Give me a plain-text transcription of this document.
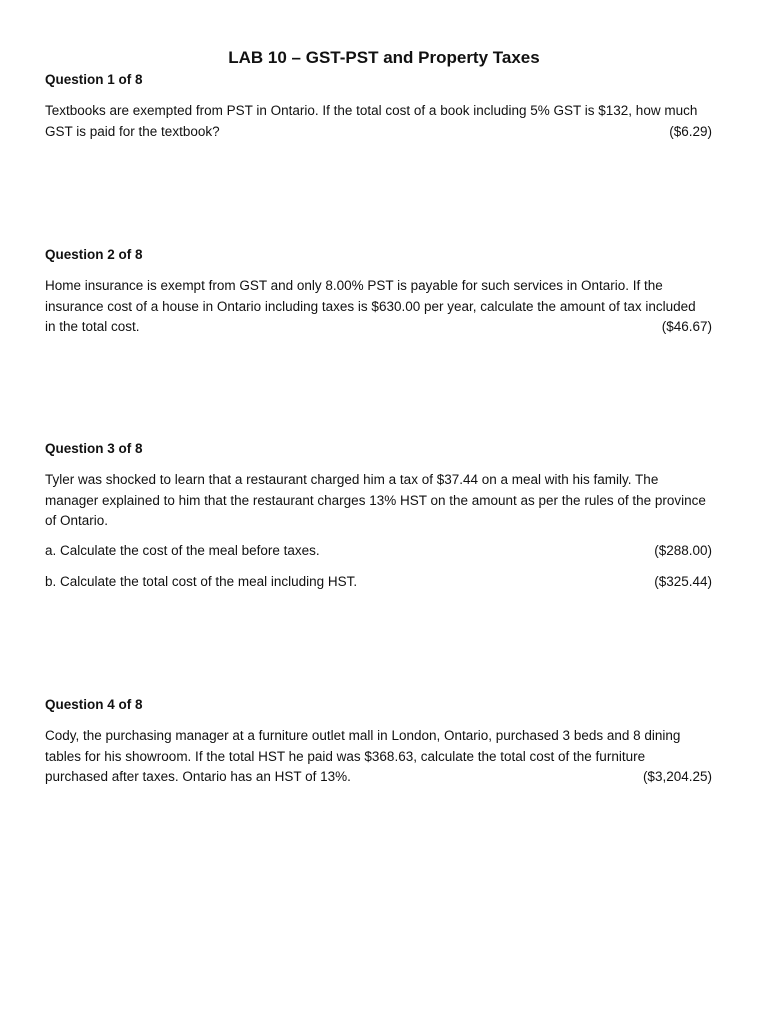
LAB 10 – GST-PST and Property Taxes
Question 1 of 8
Textbooks are exempted from PST in Ontario. If the total cost of a book including 5% GST is $132, how much
GST is paid for the textbook?	($6.29)
Question 2 of 8
Home insurance is exempt from GST and only 8.00% PST is payable for such services in Ontario. If the
insurance cost of a house in Ontario including taxes is $630.00 per year, calculate the amount of tax included
in the total cost.	($46.67)
Question 3 of 8
Tyler was shocked to learn that a restaurant charged him a tax of $37.44 on a meal with his family. The
manager explained to him that the restaurant charges 13% HST on the amount as per the rules of the province
of Ontario.
a. Calculate the cost of the meal before taxes.	($288.00)
b. Calculate the total cost of the meal including HST.	($325.44)
Question 4 of 8
Cody, the purchasing manager at a furniture outlet mall in London, Ontario, purchased 3 beds and 8 dining
tables for his showroom. If the total HST he paid was $368.63, calculate the total cost of the furniture
purchased after taxes. Ontario has an HST of 13%.	($3,204.25)
